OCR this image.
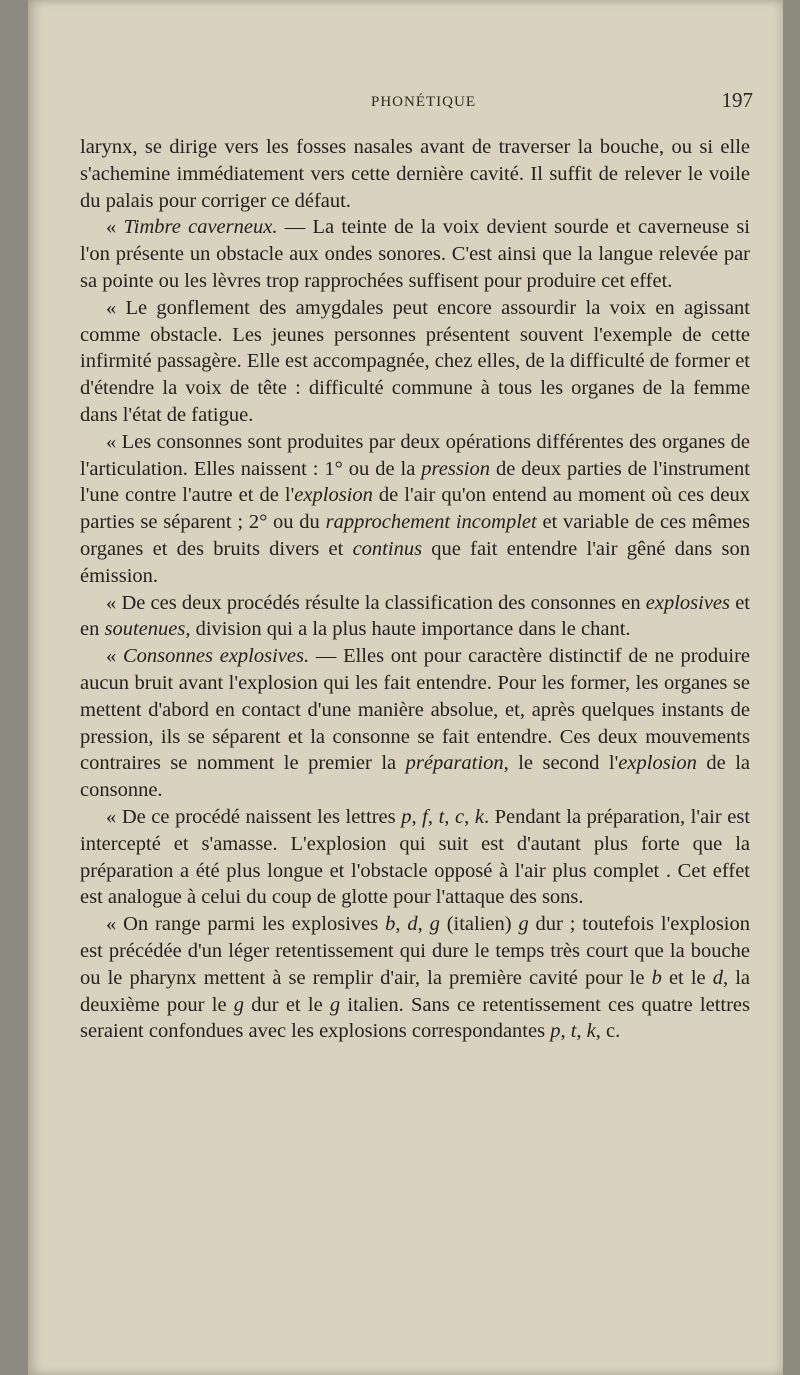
PHONÉTIQUE	197

larynx, se dirige vers les fosses nasales avant de traverser la bouche, ou si elle s'achemine immédiatement vers cette dernière cavité. Il suffit de relever le voile du palais pour corriger ce défaut.

« Timbre caverneux. — La teinte de la voix devient sourde et caverneuse si l'on présente un obstacle aux ondes sonores. C'est ainsi que la langue relevée par sa pointe ou les lèvres trop rapprochées suffisent pour produire cet effet.

« Le gonflement des amygdales peut encore assourdir la voix en agissant comme obstacle. Les jeunes personnes présentent souvent l'exemple de cette infirmité passagère. Elle est accompagnée, chez elles, de la difficulté de former et d'étendre la voix de tête : difficulté commune à tous les organes de la femme dans l'état de fatigue.

« Les consonnes sont produites par deux opérations différentes des organes de l'articulation. Elles naissent : 1° ou de la pression de deux parties de l'instrument l'une contre l'autre et de l'explosion de l'air qu'on entend au moment où ces deux parties se séparent ; 2° ou du rapprochement incomplet et variable de ces mêmes organes et des bruits divers et continus que fait entendre l'air gêné dans son émission.

« De ces deux procédés résulte la classification des consonnes en explosives et en soutenues, division qui a la plus haute importance dans le chant.

« Consonnes explosives. — Elles ont pour caractère distinctif de ne produire aucun bruit avant l'explosion qui les fait entendre. Pour les former, les organes se mettent d'abord en contact d'une manière absolue, et, après quelques instants de pression, ils se séparent et la consonne se fait entendre. Ces deux mouvements contraires se nomment le premier la préparation, le second l'explosion de la consonne.

« De ce procédé naissent les lettres p, f, t, c, k. Pendant la préparation, l'air est intercepté et s'amasse. L'explosion qui suit est d'autant plus forte que la préparation a été plus longue et l'obstacle opposé à l'air plus complet . Cet effet est analogue à celui du coup de glotte pour l'attaque des sons.

« On range parmi les explosives b, d, g (italien) g dur ; toutefois l'explosion est précédée d'un léger retentissement qui dure le temps très court que la bouche ou le pharynx mettent à se remplir d'air, la première cavité pour le b et le d, la deuxième pour le g dur et le g italien. Sans ce retentissement ces quatre lettres seraient confondues avec les explosions correspondantes p, t, k, c.
